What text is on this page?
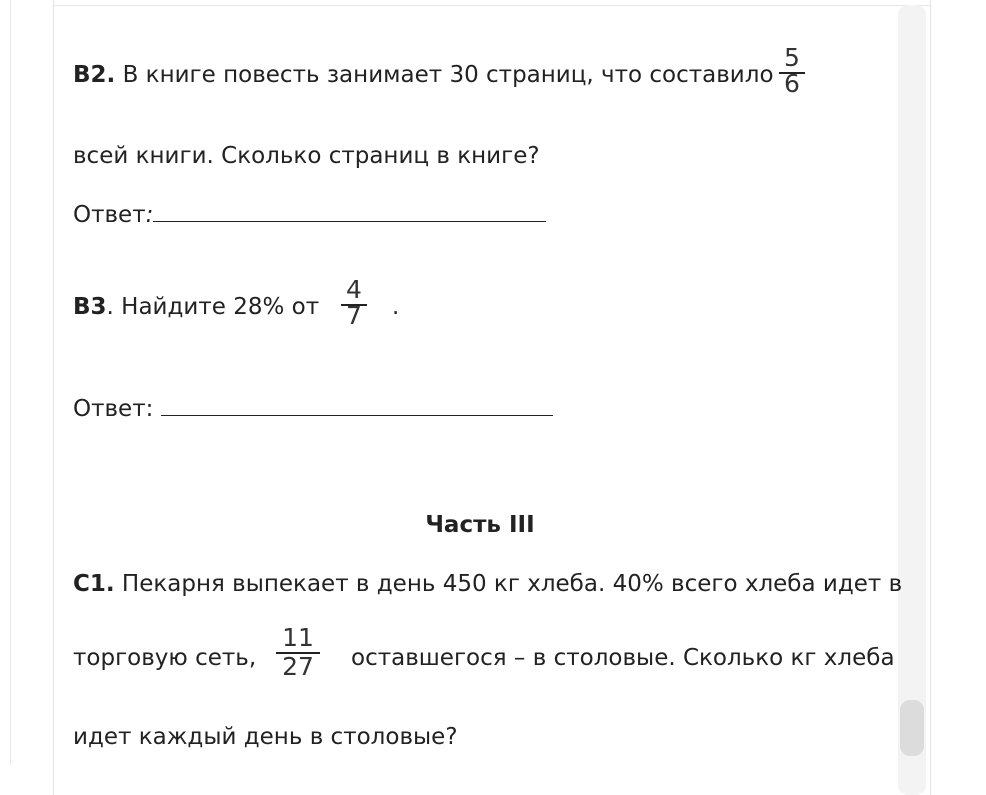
В2. В книге повесть занимает 30 страниц, что составило
5
6
всей книги. Сколько страниц в книге?
Ответ:
В3. Найдите 28% от
4
7 .
Ответ:
Часть III
С1. Пекарня выпекает в день 450 кг хлеба. 40% всего хлеба идет в
торговую сеть,
11
27 оставшегося – в столовые. Сколько кг хлеба
идет каждый день в столовые?
